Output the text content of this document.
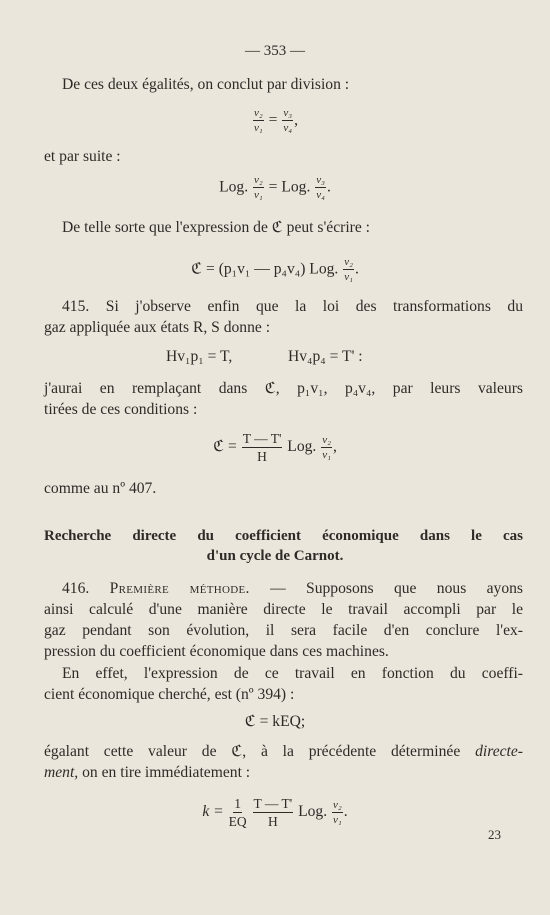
— 353 —
De ces deux égalités, on conclut par division :
$\frac{\text{v₂}}{\text{v₁}} = \frac{\text{v₃}}{\text{v₄}}$ ,
et par suite :
Log. $\frac{\text{v₂}}{\text{v₁}}$ = Log. $\frac{\text{v₃}}{\text{v₄}}$ .
De telle sorte que l'expression de ℭ peut s'écrire :
ℭ = (p₁v₁ — p₄v₄) Log. $\frac{\text{v₂}}{\text{v₁}}$ .
415. Si j'observe enfin que la loi des transformations du
gaz appliquée aux états R, S donne :
Hv₁p₁ = T,	Hv₄p₄ = T' :
j'aurai en remplaçant dans ℭ, p₁v₁, p₄v₄, par leurs valeurs
tirées de ces conditions :
ℭ = $\frac{T — T'}{H}$ Log. $\frac{\text{v₂}}{\text{v₁}}$ ,
comme au nº 407.
Recherche directe du coefficient économique dans le cas
d'un cycle de Carnot.
416. Première méthode. — Supposons que nous ayons
ainsi calculé d'une manière directe le travail accompli par le
gaz pendant son évolution, il sera facile d'en conclure l'ex-
pression du coefficient économique dans ces machines.
En effet, l'expression de ce travail en fonction du coeffi-
cient économique cherché, est (nº 394) :
ℭ = kEQ;
égalant cette valeur de ℭ, à la précédente déterminée directe-
ment, on en tire immédiatement :
$k = \frac{1}{EQ}$
$\frac{T — T'}{H}$ Log. $\frac{\text{v₂}}{\text{v₁}}$ .
23
